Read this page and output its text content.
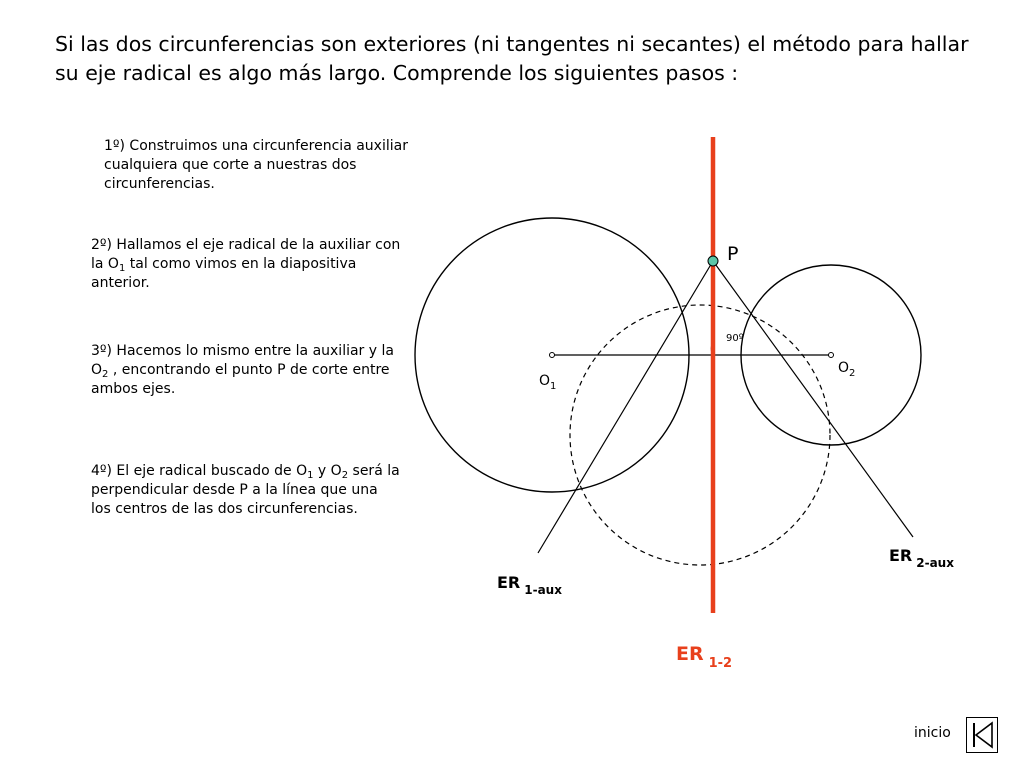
Si las dos circunferencias son exteriores (ni tangentes ni secantes) el método para hallar su eje radical es algo más largo. Comprende los siguientes pasos :
1º) Construimos una circunferencia auxiliar cualquiera que corte a nuestras dos circunferencias.
2º) Hallamos el eje radical de la auxiliar con la $O_1$ tal como vimos en la diapositiva anterior.
3º) Hacemos lo mismo entre la auxiliar y la $O_2$ , encontrando el punto P de corte entre ambos ejes.
4º) El eje radical buscado de $O_1$ y $O_2$ será la perpendicular desde P a la línea que una los centros de las dos circunferencias.
P
90º
$O_1$
$O_2$
ER $_{1-aux}$
ER $_{2-aux}$
ER $_{1-2}$
inicio
